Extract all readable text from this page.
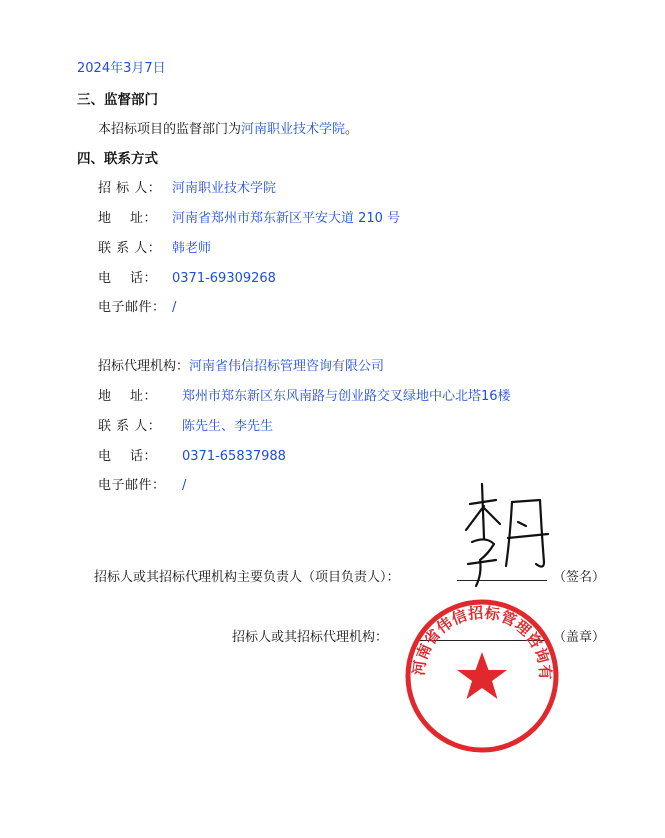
2024年3月7日
三、监督部门
本招标项目的监督部门为河南职业技术学院。
四、联系方式
招 标 人： 河南职业技术学院
地    址： 河南省郑州市郑东新区平安大道 210 号
联 系 人： 韩老师
电    话： 0371-69309268
电子邮件： /
招标代理机构：河南省伟信招标管理咨询有限公司
地    址： 郑州市郑东新区东风南路与创业路交叉绿地中心北塔16楼
联 系 人： 陈先生、李先生
电    话： 0371-65837988
电子邮件： /
招标人或其招标代理机构主要负责人（项目负责人）：	（签名）
招标人或其招标代理机构：	（盖章）
河南省伟信招标管理咨询有
